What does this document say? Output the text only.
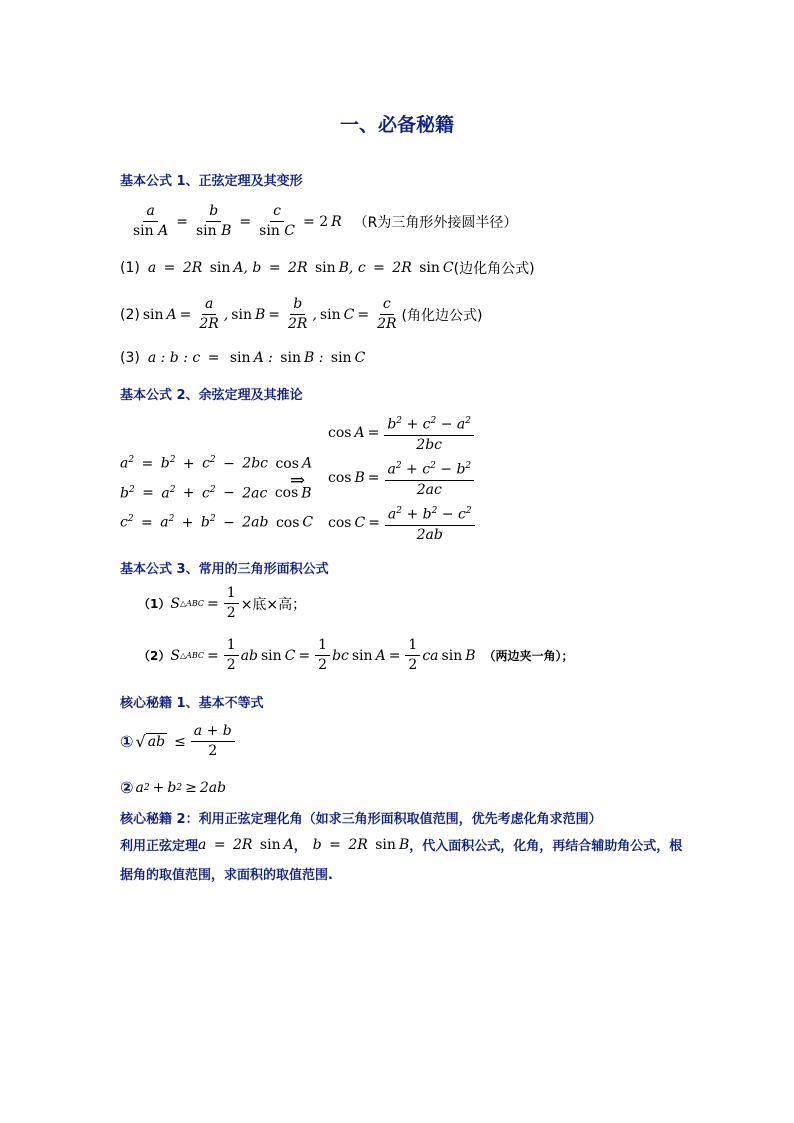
一、必备秘籍
基本公式 1、正弦定理及其变形
$\frac{a}{\text{sin A}} = \frac{b}{\text{sin B}} = \frac{c}{\text{sin C}} = 2$ R （R为三角形外接圆半径）
(1) a = 2R sin A, b = 2R sin B, c = 2R sin C (边化角公式)
(2) $\sin A = \frac{a}{2R}$ , $\sin B = \frac{b}{2R}$ , $\sin C = \frac{c}{2R}$ (角化边公式)
(3) a : b : c = sin A : sin B : sin C
基本公式 2、余弦定理及其推论
$a^2 = b^2 + c^2 - 2bc$ cos A
$b^2 = a^2 + c^2 - 2ac$ cos B
$c^2 = a^2 + b^2 - 2ab$ cos C
⇒
$\cos A = \frac{b^2 + c^2 - a^2}{2bc}$
$\cos B = \frac{a^2 + c^2 - b^2}{2ac}$
$\cos C = \frac{a^2 + b^2 - c^2}{2ab}$
基本公式 3、常用的三角形面积公式
（1） S △ABC = $\frac{1}{2}$ ×底×高；
（2） S △ABC = $\frac{1}{2}$ ab $\sin C = \frac{1}{2}$ bc $\sin A = \frac{1}{2}$ ca sin B （两边夹一角）；
核心秘籍 1、基本不等式
① √ ab ≤ $\frac{a + b}{2}$
② a 2 + b 2 ≥ 2ab
核心秘籍 2：利用正弦定理化角（如求三角形面积取值范围，优先考虑化角求范围）
利用正弦定理 a = 2R sin A ， b = 2R sin B ，代入面积公式，化角，再结合辅助角公式，根
据角的取值范围，求面积的取值范围.
